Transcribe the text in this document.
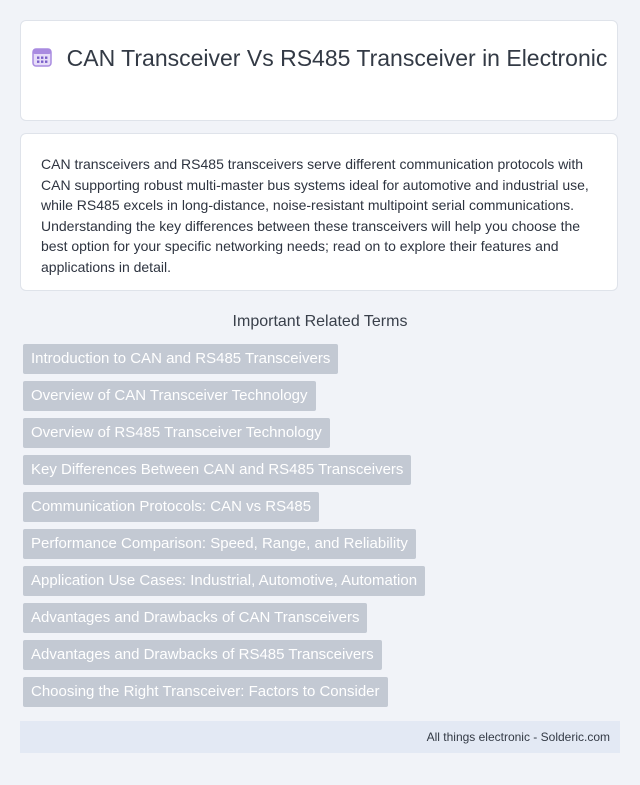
CAN Transceiver Vs RS485 Transceiver in Electronic

CAN transceivers and RS485 transceivers serve different communication protocols with CAN supporting robust multi-master bus systems ideal for automotive and industrial use, while RS485 excels in long-distance, noise-resistant multipoint serial communications. Understanding the key differences between these transceivers will help you choose the best option for your specific networking needs; read on to explore their features and applications in detail.

Important Related Terms
Introduction to CAN and RS485 Transceivers
Overview of CAN Transceiver Technology
Overview of RS485 Transceiver Technology
Key Differences Between CAN and RS485 Transceivers
Communication Protocols: CAN vs RS485
Performance Comparison: Speed, Range, and Reliability
Application Use Cases: Industrial, Automotive, Automation
Advantages and Drawbacks of CAN Transceivers
Advantages and Drawbacks of RS485 Transceivers
Choosing the Right Transceiver: Factors to Consider
All things electronic - Solderic.com
